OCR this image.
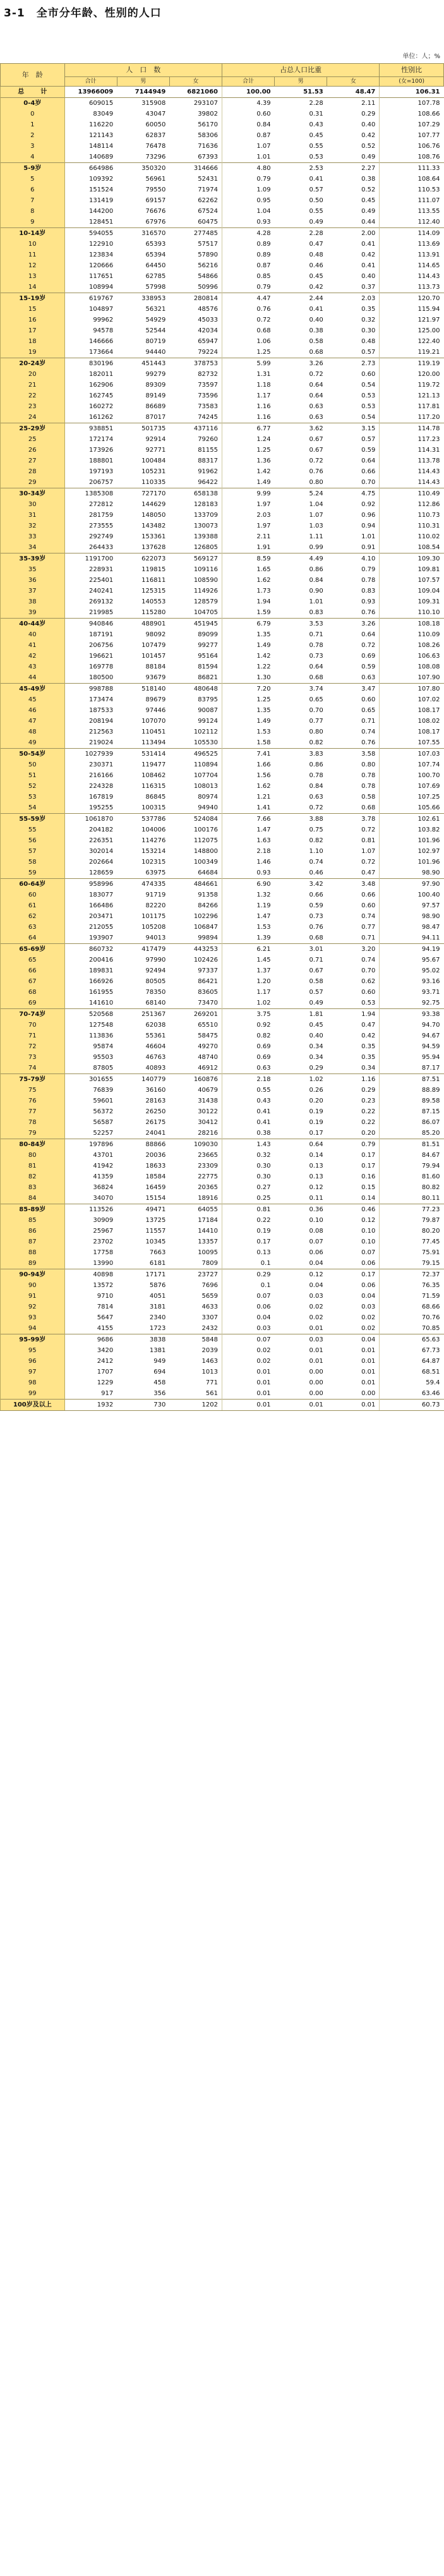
3-1　全市分年龄、性别的人口
单位：人；%
年　龄	人　口　数			占总人口比重			性别比
	合计	男	女	合计	男	女	(女=100)
总　计	13966009	7144949	6821060	100.00	51.53	48.47	106.31
0-4岁	609015	315908	293107	4.39	2.28	2.11	107.78
0	83049	43047	39802	0.60	0.31	0.29	108.66
1	116220	60050	56170	0.84	0.43	0.40	107.29
2	121143	62837	58306	0.87	0.45	0.42	107.77
3	148114	76478	71636	1.07	0.55	0.52	106.76
4	140689	73296	67393	1.01	0.53	0.49	108.76
5-9岁	664986	350320	314666	4.80	2.53	2.27	111.33
5	109392	56961	52431	0.79	0.41	0.38	108.64
6	151524	79550	71974	1.09	0.57	0.52	110.53
7	131419	69157	62262	0.95	0.50	0.45	111.07
8	144200	76676	67524	1.04	0.55	0.49	113.55
9	128451	67976	60475	0.93	0.49	0.44	112.40
10-14岁	594055	316570	277485	4.28	2.28	2.00	114.09
10	122910	65393	57517	0.89	0.47	0.41	113.69
11	123834	65394	57890	0.89	0.48	0.42	113.91
12	120666	64450	56216	0.87	0.46	0.41	114.65
13	117651	62785	54866	0.85	0.45	0.40	114.43
14	108994	57998	50996	0.79	0.42	0.37	113.73
15-19岁	619767	338953	280814	4.47	2.44	2.03	120.70
15	104897	56321	48576	0.76	0.41	0.35	115.94
16	99962	54929	45033	0.72	0.40	0.32	121.97
17	94578	52544	42034	0.68	0.38	0.30	125.00
18	146666	80719	65947	1.06	0.58	0.48	122.40
19	173664	94440	79224	1.25	0.68	0.57	119.21
20-24岁	830196	451443	378753	5.99	3.26	2.73	119.19
20	182011	99279	82732	1.31	0.72	0.60	120.00
21	162906	89309	73597	1.18	0.64	0.54	119.72
22	162745	89149	73596	1.17	0.64	0.53	121.13
23	160272	86689	73583	1.16	0.63	0.53	117.81
24	161262	87017	74245	1.16	0.63	0.54	117.20
25-29岁	938851	501735	437116	6.77	3.62	3.15	114.78
25	172174	92914	79260	1.24	0.67	0.57	117.23
26	173926	92771	81155	1.25	0.67	0.59	114.31
27	188801	100484	88317	1.36	0.72	0.64	113.78
28	197193	105231	91962	1.42	0.76	0.66	114.43
29	206757	110335	96422	1.49	0.80	0.70	114.43
30-34岁	1385308	727170	658138	9.99	5.24	4.75	110.49
30	272812	144629	128183	1.97	1.04	0.92	112.86
31	281759	148050	133709	2.03	1.07	0.96	110.73
32	273555	143482	130073	1.97	1.03	0.94	110.31
33	292749	153361	139388	2.11	1.11	1.01	110.02
34	264433	137628	126805	1.91	0.99	0.91	108.54
35-39岁	1191700	622073	569127	8.59	4.49	4.10	109.30
35	228931	119815	109116	1.65	0.86	0.79	109.81
36	225401	116811	108590	1.62	0.84	0.78	107.57
37	240241	125315	114926	1.73	0.90	0.83	109.04
38	269132	140553	128579	1.94	1.01	0.93	109.31
39	219985	115280	104705	1.59	0.83	0.76	110.10
40-44岁	940846	488901	451945	6.79	3.53	3.26	108.18
40	187191	98092	89099	1.35	0.71	0.64	110.09
41	206756	107479	99277	1.49	0.78	0.72	108.26
42	196621	101457	95164	1.42	0.73	0.69	106.63
43	169778	88184	81594	1.22	0.64	0.59	108.08
44	180500	93679	86821	1.30	0.68	0.63	107.90
45-49岁	998788	518140	480648	7.20	3.74	3.47	107.80
45	173474	89679	83795	1.25	0.65	0.60	107.02
46	187533	97446	90087	1.35	0.70	0.65	108.17
47	208194	107070	99124	1.49	0.77	0.71	108.02
48	212563	110451	102112	1.53	0.80	0.74	108.17
49	219024	113494	105530	1.58	0.82	0.76	107.55
50-54岁	1027939	531414	496525	7.41	3.83	3.58	107.03
50	230371	119477	110894	1.66	0.86	0.80	107.74
51	216166	108462	107704	1.56	0.78	0.78	100.70
52	224328	116315	108013	1.62	0.84	0.78	107.69
53	167819	86845	80974	1.21	0.63	0.58	107.25
54	195255	100315	94940	1.41	0.72	0.68	105.66
55-59岁	1061870	537786	524084	7.66	3.88	3.78	102.61
55	204182	104006	100176	1.47	0.75	0.72	103.82
56	226351	114276	112075	1.63	0.82	0.81	101.96
57	302014	153214	148800	2.18	1.10	1.07	102.97
58	202664	102315	100349	1.46	0.74	0.72	101.96
59	128659	63975	64684	0.93	0.46	0.47	98.90
60-64岁	958996	474335	484661	6.90	3.42	3.48	97.90
60	183077	91719	91358	1.32	0.66	0.66	100.40
61	166486	82220	84266	1.19	0.59	0.60	97.57
62	203471	101175	102296	1.47	0.73	0.74	98.90
63	212055	105208	106847	1.53	0.76	0.77	98.47
64	193907	94013	99894	1.39	0.68	0.71	94.11
65-69岁	860732	417479	443253	6.21	3.01	3.20	94.19
65	200416	97990	102426	1.45	0.71	0.74	95.67
66	189831	92494	97337	1.37	0.67	0.70	95.02
67	166926	80505	86421	1.20	0.58	0.62	93.16
68	161955	78350	83605	1.17	0.57	0.60	93.71
69	141610	68140	73470	1.02	0.49	0.53	92.75
70-74岁	520568	251367	269201	3.75	1.81	1.94	93.38
70	127548	62038	65510	0.92	0.45	0.47	94.70
71	113836	55361	58475	0.82	0.40	0.42	94.67
72	95874	46604	49270	0.69	0.34	0.35	94.59
73	95503	46763	48740	0.69	0.34	0.35	95.94
74	87805	40893	46912	0.63	0.29	0.34	87.17
75-79岁	301655	140779	160876	2.18	1.02	1.16	87.51
75	76839	36160	40679	0.55	0.26	0.29	88.89
76	59601	28163	31438	0.43	0.20	0.23	89.58
77	56372	26250	30122	0.41	0.19	0.22	87.15
78	56587	26175	30412	0.41	0.19	0.22	86.07
79	52257	24041	28216	0.38	0.17	0.20	85.20
80-84岁	197896	88866	109030	1.43	0.64	0.79	81.51
80	43701	20036	23665	0.32	0.14	0.17	84.67
81	41942	18633	23309	0.30	0.13	0.17	79.94
82	41359	18584	22775	0.30	0.13	0.16	81.60
83	36824	16459	20365	0.27	0.12	0.15	80.82
84	34070	15154	18916	0.25	0.11	0.14	80.11
85-89岁	113526	49471	64055	0.81	0.36	0.46	77.23
85	30909	13725	17184	0.22	0.10	0.12	79.87
86	25967	11557	14410	0.19	0.08	0.10	80.20
87	23702	10345	13357	0.17	0.07	0.10	77.45
88	17758	7663	10095	0.13	0.06	0.07	75.91
89	13990	6181	7809	0.1	0.04	0.06	79.15
90-94岁	40898	17171	23727	0.29	0.12	0.17	72.37
90	13572	5876	7696	0.1	0.04	0.06	76.35
91	9710	4051	5659	0.07	0.03	0.04	71.59
92	7814	3181	4633	0.06	0.02	0.03	68.66
93	5647	2340	3307	0.04	0.02	0.02	70.76
94	4155	1723	2432	0.03	0.01	0.02	70.85
95-99岁	9686	3838	5848	0.07	0.03	0.04	65.63
95	3420	1381	2039	0.02	0.01	0.01	67.73
96	2412	949	1463	0.02	0.01	0.01	64.87
97	1707	694	1013	0.01	0.00	0.01	68.51
98	1229	458	771	0.01	0.00	0.01	59.4
99	917	356	561	0.01	0.00	0.00	63.46
100岁及以上	1932	730	1202	0.01	0.01	0.01	60.73
